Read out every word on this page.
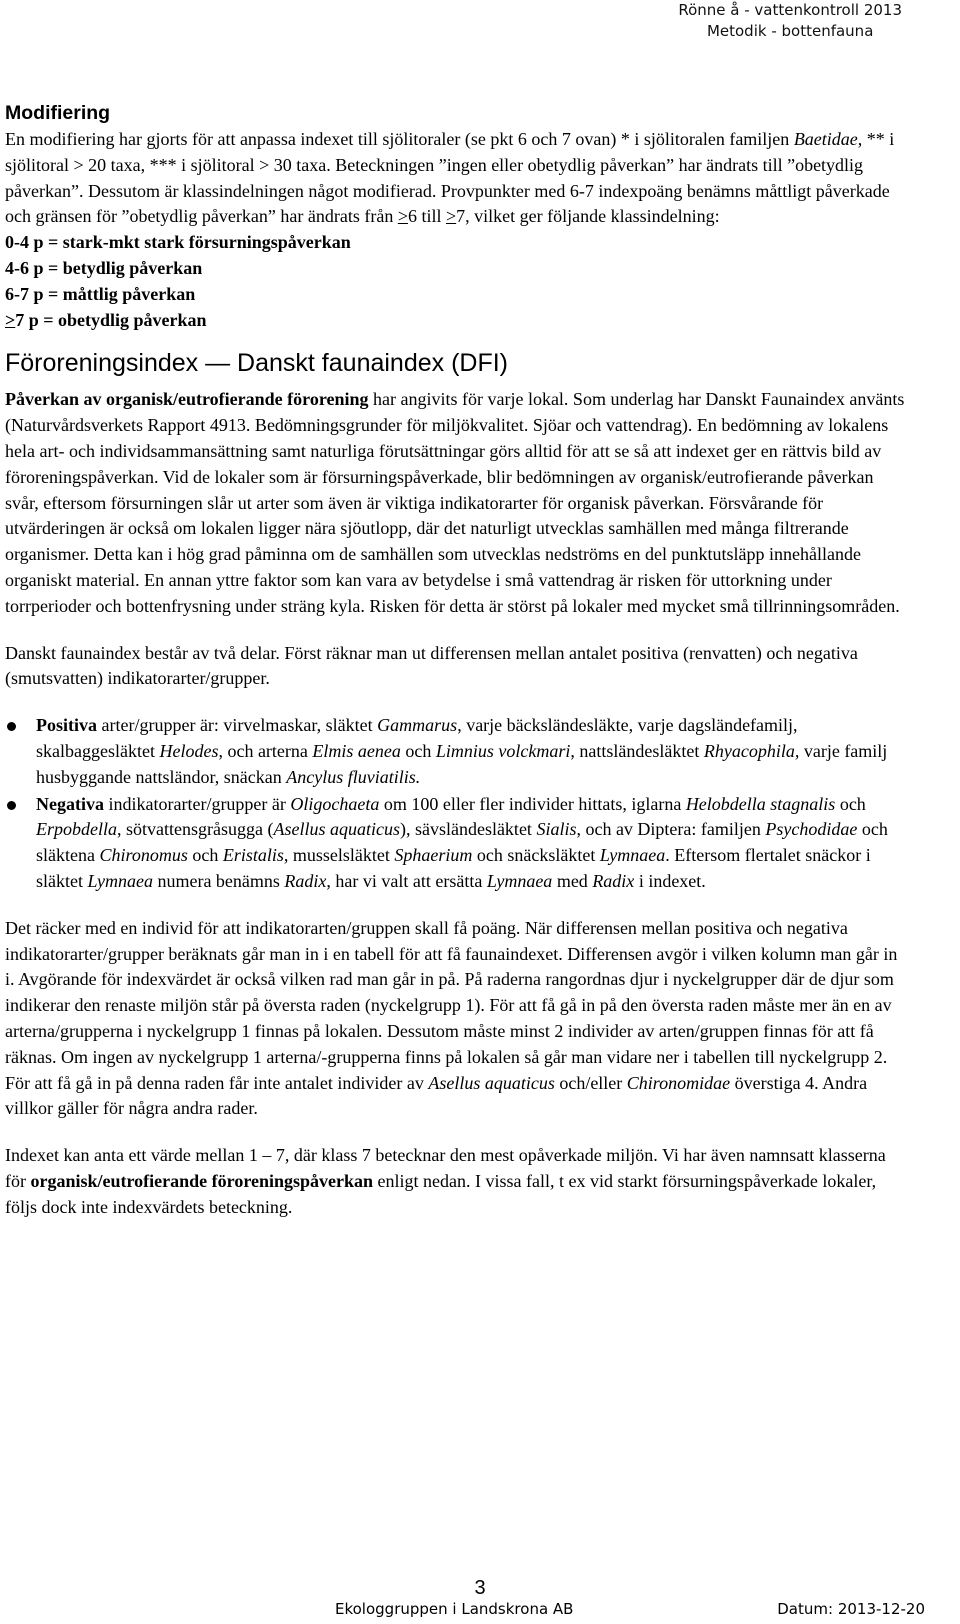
Rönne å - vattenkontroll 2013
Metodik - bottenfauna
Modifiering

En modifiering har gjorts för att anpassa indexet till sjölitoraler (se pkt 6 och 7 ovan) * i sjölitoralen familjen Baetidae, ** i sjölitoral > 20 taxa, *** i sjölitoral > 30 taxa. Beteckningen ”ingen eller obetydlig påverkan” har ändrats till ”obetydlig påverkan”. Dessutom är klassindelningen något modifierad. Provpunkter med 6-7 indexpoäng benämns måttligt påverkade och gränsen för ”obetydlig påverkan” har ändrats från ≥6 till ≥7, vilket ger följande klassindelning:

0-4 p = stark-mkt stark försurningspåverkan

4-6 p = betydlig påverkan

6-7 p = måttlig påverkan

≥7 p = obetydlig påverkan

Föroreningsindex — Danskt faunaindex (DFI)

Påverkan av organisk/eutrofierande förorening har angivits för varje lokal. Som underlag har Danskt Faunaindex använts (Naturvårdsverkets Rapport 4913. Bedömningsgrunder för miljökvalitet. Sjöar och vattendrag). En bedömning av lokalens hela art- och individsammansättning samt naturliga förutsättningar görs alltid för att se så att indexet ger en rättvis bild av föroreningspåverkan. Vid de lokaler som är försurningspåverkade, blir bedömningen av organisk/eutrofierande påverkan svår, eftersom försurningen slår ut arter som även är viktiga indikatorarter för organisk påverkan. Försvårande för utvärderingen är också om lokalen ligger nära sjöutlopp, där det naturligt utvecklas samhällen med många filtrerande organismer. Detta kan i hög grad påminna om de samhällen som utvecklas nedströms en del punktutsläpp innehållande organiskt material. En annan yttre faktor som kan vara av betydelse i små vattendrag är risken för uttorkning under torrperioder och bottenfrysning under sträng kyla. Risken för detta är störst på lokaler med mycket små tillrinningsområden.

Danskt faunaindex består av två delar. Först räknar man ut differensen mellan antalet positiva (renvatten) och negativa (smutsvatten) indikatorarter/grupper.

Positiva arter/grupper är: virvelmaskar, släktet Gammarus, varje bäcksländesläkte, varje dagsländefamilj, skalbaggesläktet Helodes, och arterna Elmis aenea och Limnius volckmari, nattsländesläktet Rhyacophila, varje familj husbyggande nattsländor, snäckan Ancylus fluviatilis.
Negativa indikatorarter/grupper är Oligochaeta om 100 eller fler individer hittats, iglarna Helobdella stagnalis och Erpobdella, sötvattensgråsugga (Asellus aquaticus), sävsländesläktet Sialis, och av Diptera: familjen Psychodidae och släktena Chironomus och Eristalis, musselsläktet Sphaerium och snäcksläktet Lymnaea. Eftersom flertalet snäckor i släktet Lymnaea numera benämns Radix, har vi valt att ersätta Lymnaea med Radix i indexet.

Det räcker med en individ för att indikatorarten/gruppen skall få poäng. När differensen mellan positiva och negativa indikatorarter/grupper beräknats går man in i en tabell för att få faunaindexet. Differensen avgör i vilken kolumn man går in i. Avgörande för indexvärdet är också vilken rad man går in på. På raderna rangordnas djur i nyckelgrupper där de djur som indikerar den renaste miljön står på översta raden (nyckelgrupp 1). För att få gå in på den översta raden måste mer än en av arterna/grupperna i nyckelgrupp 1 finnas på lokalen. Dessutom måste minst 2 individer av arten/gruppen finnas för att få räknas. Om ingen av nyckelgrupp 1 arterna/-grupperna finns på lokalen så går man vidare ner i tabellen till nyckelgrupp 2. För att få gå in på denna raden får inte antalet individer av Asellus aquaticus och/eller Chironomidae överstiga 4. Andra villkor gäller för några andra rader.

Indexet kan anta ett värde mellan 1 – 7, där klass 7 betecknar den mest opåverkade miljön. Vi har även namnsatt klasserna för organisk/eutrofierande föroreningspåverkan enligt nedan. I vissa fall, t ex vid starkt försurningspåverkade lokaler, följs dock inte indexvärdets beteckning.

3
Ekologgruppen i Landskrona AB	Datum: 2013-12-20
